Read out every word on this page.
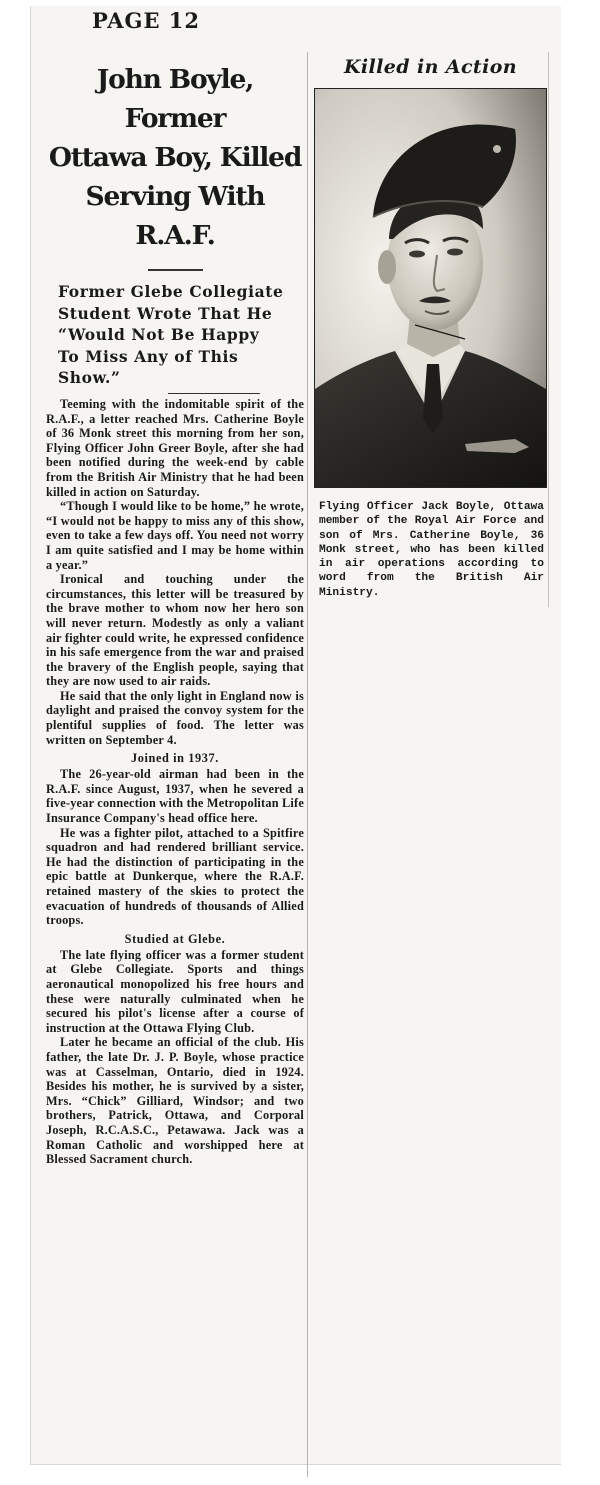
PAGE 12
John Boyle, Former
Ottawa Boy, Killed
Serving With R.A.F.
Former Glebe Collegiate
Student Wrote That He
“Would Not Be Happy
To Miss Any of This
Show.”

Teeming with the indomitable spirit of the R.A.F., a letter reached Mrs. Catherine Boyle of 36 Monk street this morning from her son, Flying Officer John Greer Boyle, after she had been notified during the week-end by cable from the British Air Ministry that he had been killed in action on Saturday.

“Though I would like to be home,” he wrote, “I would not be happy to miss any of this show, even to take a few days off. You need not worry I am quite satisfied and I may be home within a year.”

Ironical and touching under the circumstances, this letter will be treasured by the brave mother to whom now her hero son will never return. Modestly as only a valiant air fighter could write, he expressed confidence in his safe emergence from the war and praised the bravery of the English people, saying that they are now used to air raids.

He said that the only light in England now is daylight and praised the convoy system for the plentiful supplies of food. The letter was written on September 4.

Joined in 1937.

The 26-year-old airman had been in the R.A.F. since August, 1937, when he severed a five-year connection with the Metropolitan Life Insurance Company's head office here.

He was a fighter pilot, attached to a Spitfire squadron and had rendered brilliant service. He had the distinction of participating in the epic battle at Dunkerque, where the R.A.F. retained mastery of the skies to protect the evacuation of hundreds of thousands of Allied troops.

Studied at Glebe.

The late flying officer was a former student at Glebe Collegiate. Sports and things aeronautical monopolized his free hours and these were naturally culminated when he secured his pilot's license after a course of instruction at the Ottawa Flying Club.

Later he became an official of the club. His father, the late Dr. J. P. Boyle, whose practice was at Casselman, Ontario, died in 1924. Besides his mother, he is survived by a sister, Mrs. “Chick” Gilliard, Windsor; and two brothers, Patrick, Ottawa, and Corporal Joseph, R.C.A.S.C., Petawawa. Jack was a Roman Catholic and worshipped here at Blessed Sacrament church.

Killed in Action
Flying Officer Jack Boyle, Ottawa member of the Royal Air Force and son of Mrs. Catherine Boyle, 36 Monk street, who has been killed in air operations according to word from the British Air Ministry.
